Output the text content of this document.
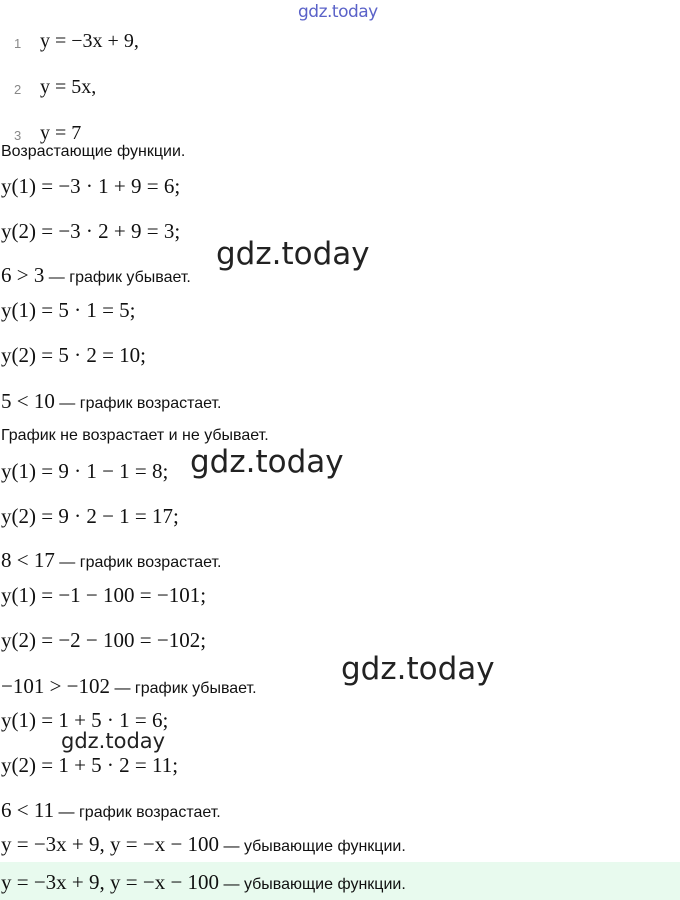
gdz.today
1 y = −3x + 9,
2 y = 5x,
3 y = 7
Возрастающие функции.
y(1) = −3 · 1 + 9 = 6;
y(2) = −3 · 2 + 9 = 3;
6 > 3 — график убывает.
gdz.today
y(1) = 5 · 1 = 5;
y(2) = 5 · 2 = 10;
5 < 10 — график возрастает.
График не возрастает и не убывает.
y(1) = 9 · 1 − 1 = 8; gdz.today
y(2) = 9 · 2 − 1 = 17;
8 < 17 — график возрастает.
y(1) = −1 − 100 = −101;
y(2) = −2 − 100 = −102;
gdz.today
−101 > −102 — график убывает.
y(1) = 1 + 5 · 1 = 6;
gdz.today
y(2) = 1 + 5 · 2 = 11;
6 < 11 — график возрастает.
y = −3x + 9, y = −x − 100 — убывающие функции.
y = −3x + 9, y = −x − 100 — убывающие функции.
